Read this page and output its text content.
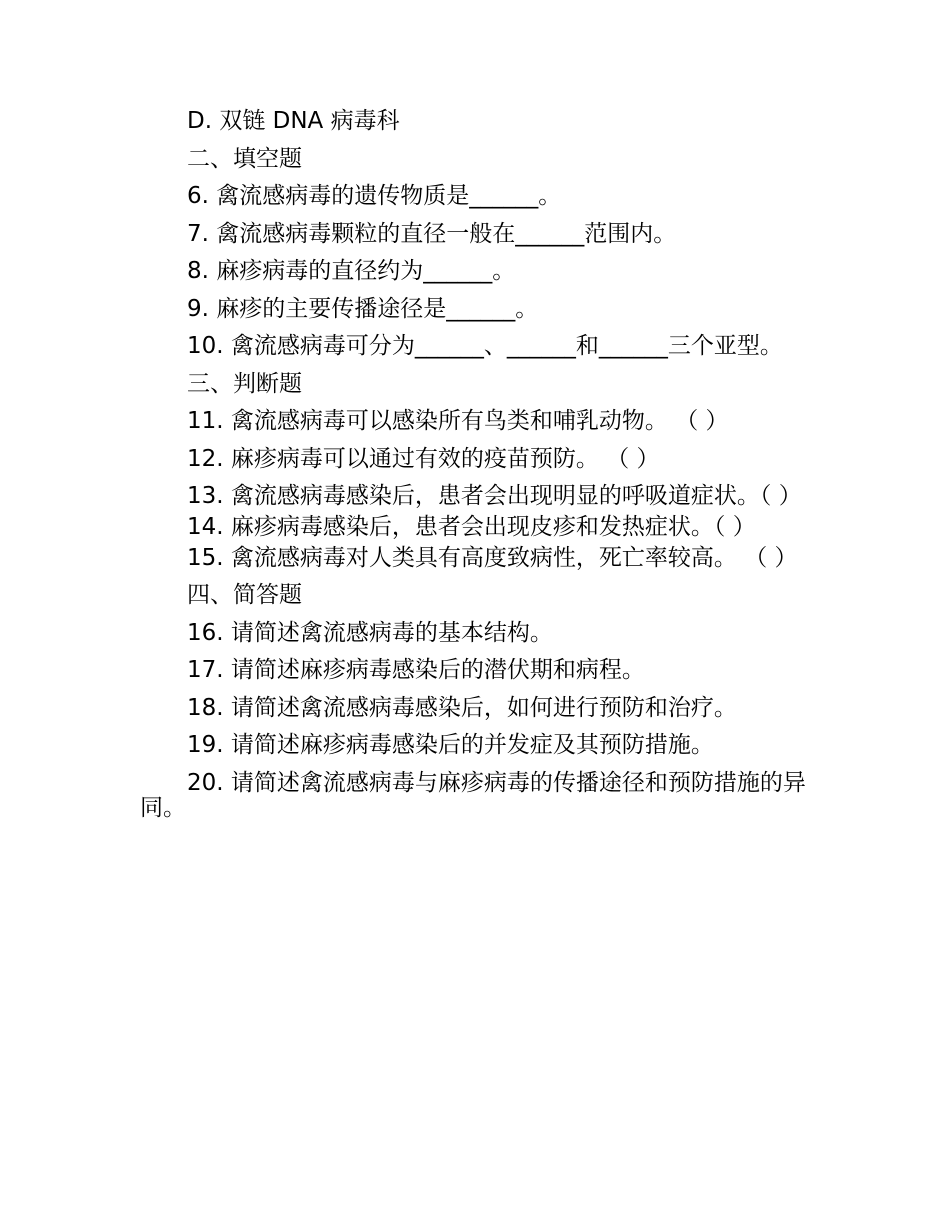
D. 双链 DNA 病毒科

二、填空题

6. 禽流感病毒的遗传物质是______。

7. 禽流感病毒颗粒的直径一般在______范围内。

8. 麻疹病毒的直径约为______。

9. 麻疹的主要传播途径是______。

10. 禽流感病毒可分为______、______和______三个亚型。

三、判断题

11. 禽流感病毒可以感染所有鸟类和哺乳动物。 （ ）

12. 麻疹病毒可以通过有效的疫苗预防。 （ ）

13. 禽流感病毒感染后，患者会出现明显的呼吸道症状。（ ）

14. 麻疹病毒感染后，患者会出现皮疹和发热症状。（ ）

15. 禽流感病毒对人类具有高度致病性，死亡率较高。 （ ）

四、简答题

16. 请简述禽流感病毒的基本结构。

17. 请简述麻疹病毒感染后的潜伏期和病程。

18. 请简述禽流感病毒感染后，如何进行预防和治疗。

19. 请简述麻疹病毒感染后的并发症及其预防措施。

20. 请简述禽流感病毒与麻疹病毒的传播途径和预防措施的异同。
